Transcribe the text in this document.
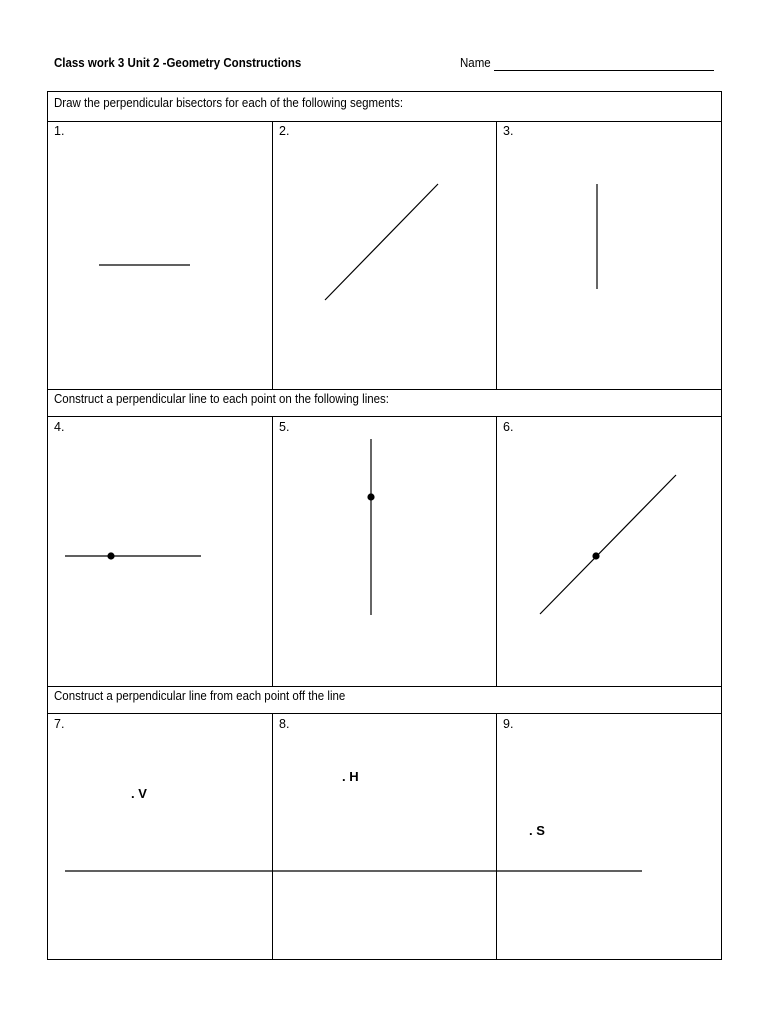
Class work 3 Unit 2 -Geometry Constructions	Name
Draw the perpendicular bisectors for each of the following segments:
Construct a perpendicular line to each point on the following lines:
Construct a perpendicular line from each point off the line
1.	2.	3.
4.	5.	6.
7.	8.	9.
. V
. H
. S
